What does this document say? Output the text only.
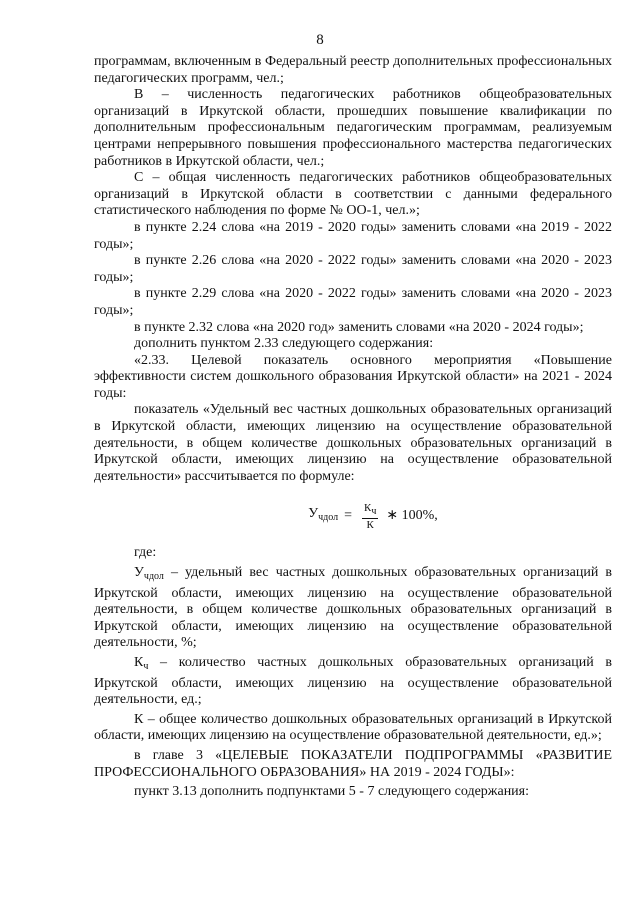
8

программам, включенным в Федеральный реестр дополнительных профессиональных педагогических программ, чел.;

В – численность педагогических работников общеобразовательных организаций в Иркутской области, прошедших повышение квалификации по дополнительным профессиональным педагогическим программам, реализуемым центрами непрерывного повышения профессионального мастерства педагогических работников в Иркутской области, чел.;

С – общая численность педагогических работников общеобразовательных организаций в Иркутской области в соответствии с данными федерального статистического наблюдения по форме № ОО-1, чел.»;

в пункте 2.24 слова «на 2019 - 2020 годы» заменить словами «на 2019 - 2022 годы»;

в пункте 2.26 слова «на 2020 - 2022 годы» заменить словами «на 2020 - 2023 годы»;

в пункте 2.29 слова «на 2020 - 2022 годы» заменить словами «на 2020 - 2023 годы»;

в пункте 2.32 слова «на 2020 год» заменить словами «на 2020 - 2024 годы»;

дополнить пунктом 2.33 следующего содержания:

«2.33. Целевой показатель основного мероприятия «Повышение эффективности систем дошкольного образования Иркутской области» на 2021 - 2024 годы:

показатель «Удельный вес частных дошкольных образовательных организаций в Иркутской области, имеющих лицензию на осуществление образовательной деятельности, в общем количестве дошкольных образовательных организаций в Иркутской области, имеющих лицензию на осуществление образовательной деятельности» рассчитывается по формуле:

$У_{чдол} = \frac{Кч}{К}$ ∗ 100%,

где:

$У_{чдол}$ – удельный вес частных дошкольных образовательных организаций в Иркутской области, имеющих лицензию на осуществление образовательной деятельности, в общем количестве дошкольных образовательных организаций в Иркутской области, имеющих лицензию на осуществление образовательной деятельности, %;

$К_ч$ – количество частных дошкольных образовательных организаций в Иркутской области, имеющих лицензию на осуществление образовательной деятельности, ед.;

К – общее количество дошкольных образовательных организаций в Иркутской области, имеющих лицензию на осуществление образовательной деятельности, ед.»;

в главе 3 «ЦЕЛЕВЫЕ ПОКАЗАТЕЛИ ПОДПРОГРАММЫ «РАЗВИТИЕ ПРОФЕССИОНАЛЬНОГО ОБРАЗОВАНИЯ» НА 2019 - 2024 ГОДЫ»:

пункт 3.13 дополнить подпунктами 5 - 7 следующего содержания:
